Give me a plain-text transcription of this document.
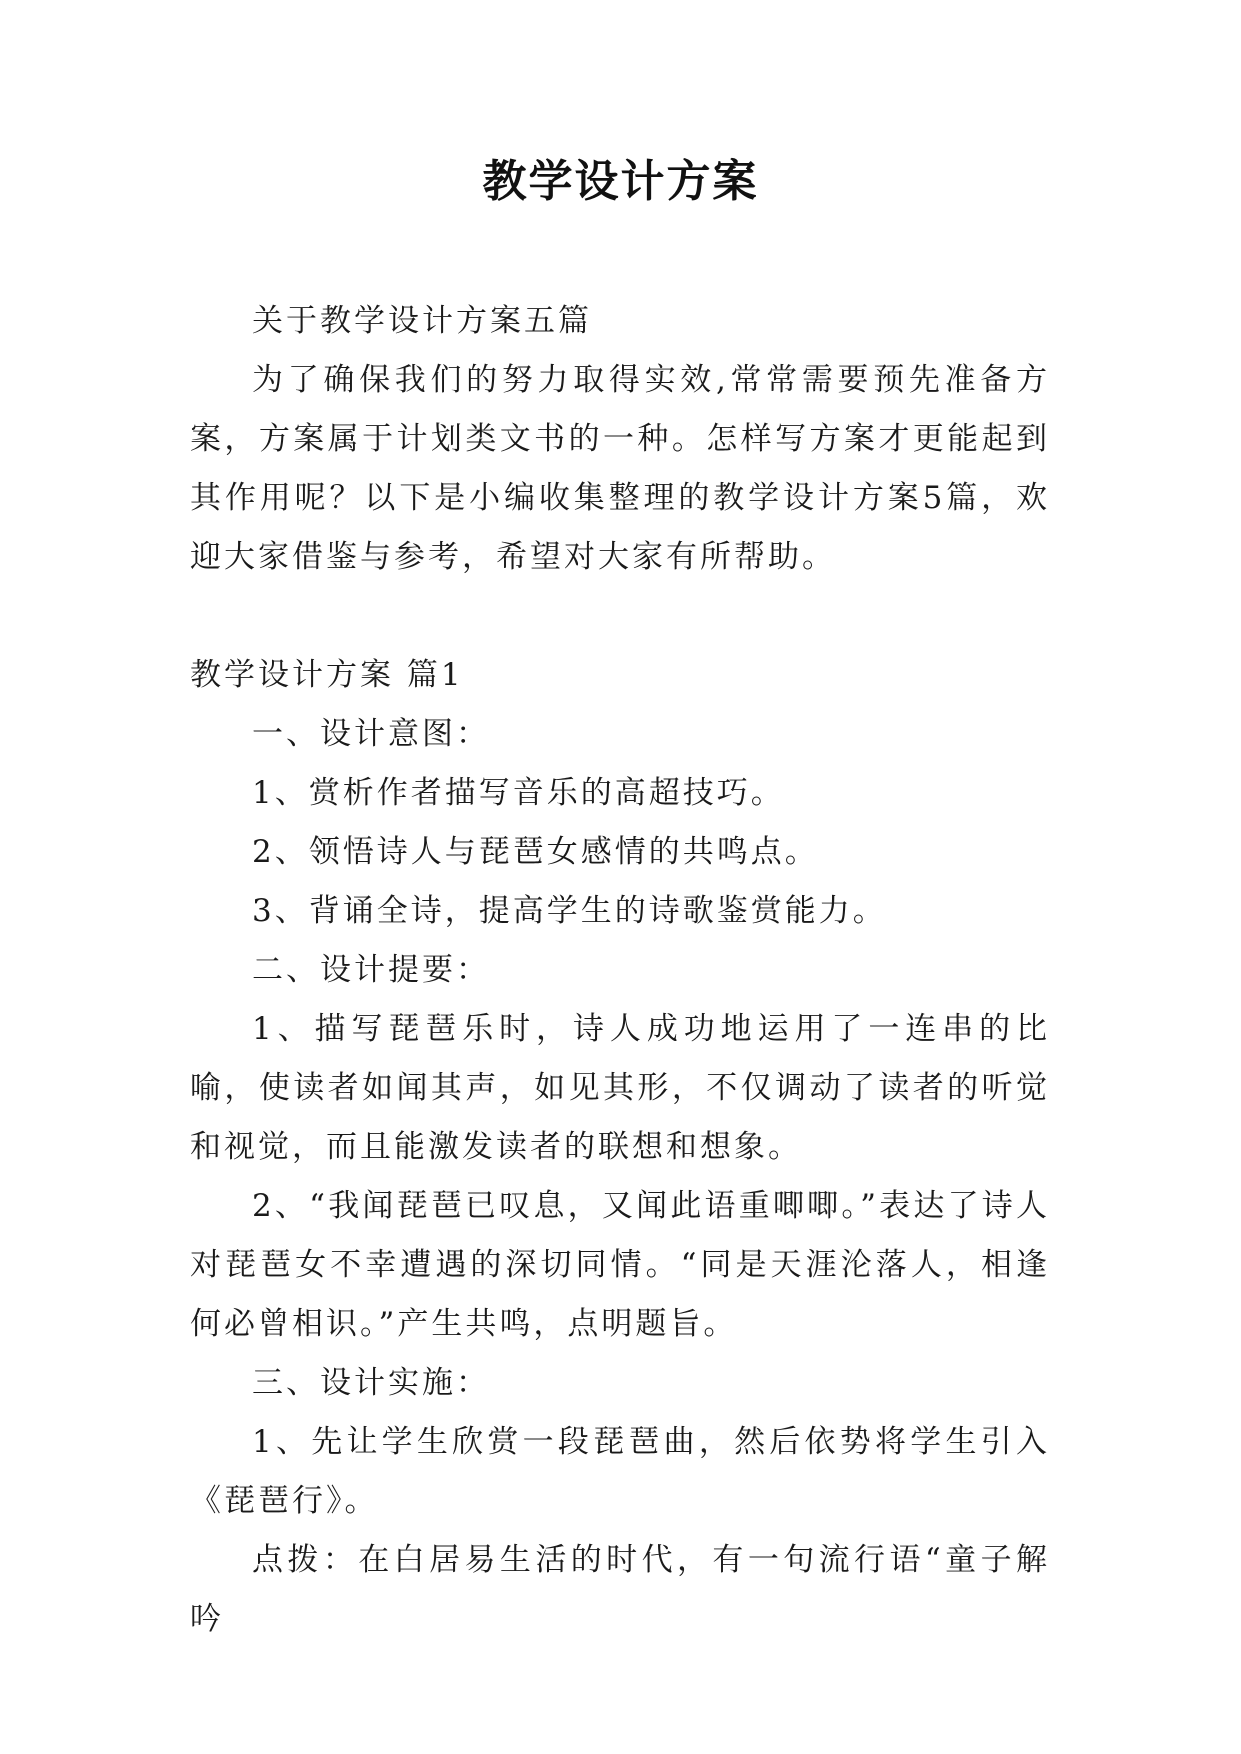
教学设计方案

关于教学设计方案五篇

为了确保我们的努力取得实效,常常需要预先准备方案，方案属于计划类文书的一种。怎样写方案才更能起到其作用呢？以下是小编收集整理的教学设计方案5篇，欢迎大家借鉴与参考，希望对大家有所帮助。

教学设计方案 篇1

一、设计意图：

1、赏析作者描写音乐的高超技巧。

2、领悟诗人与琵琶女感情的共鸣点。

3、背诵全诗，提高学生的诗歌鉴赏能力。

二、设计提要：

1、描写琵琶乐时，诗人成功地运用了一连串的比喻，使读者如闻其声，如见其形，不仅调动了读者的听觉和视觉，而且能激发读者的联想和想象。

2、“我闻琵琶已叹息，又闻此语重唧唧。”表达了诗人对琵琶女不幸遭遇的深切同情。“同是天涯沦落人，相逢何必曾相识。”产生共鸣，点明题旨。

三、设计实施：

1、先让学生欣赏一段琵琶曲，然后依势将学生引入《琵琶行》。

点拨：在白居易生活的时代，有一句流行语“童子解吟
